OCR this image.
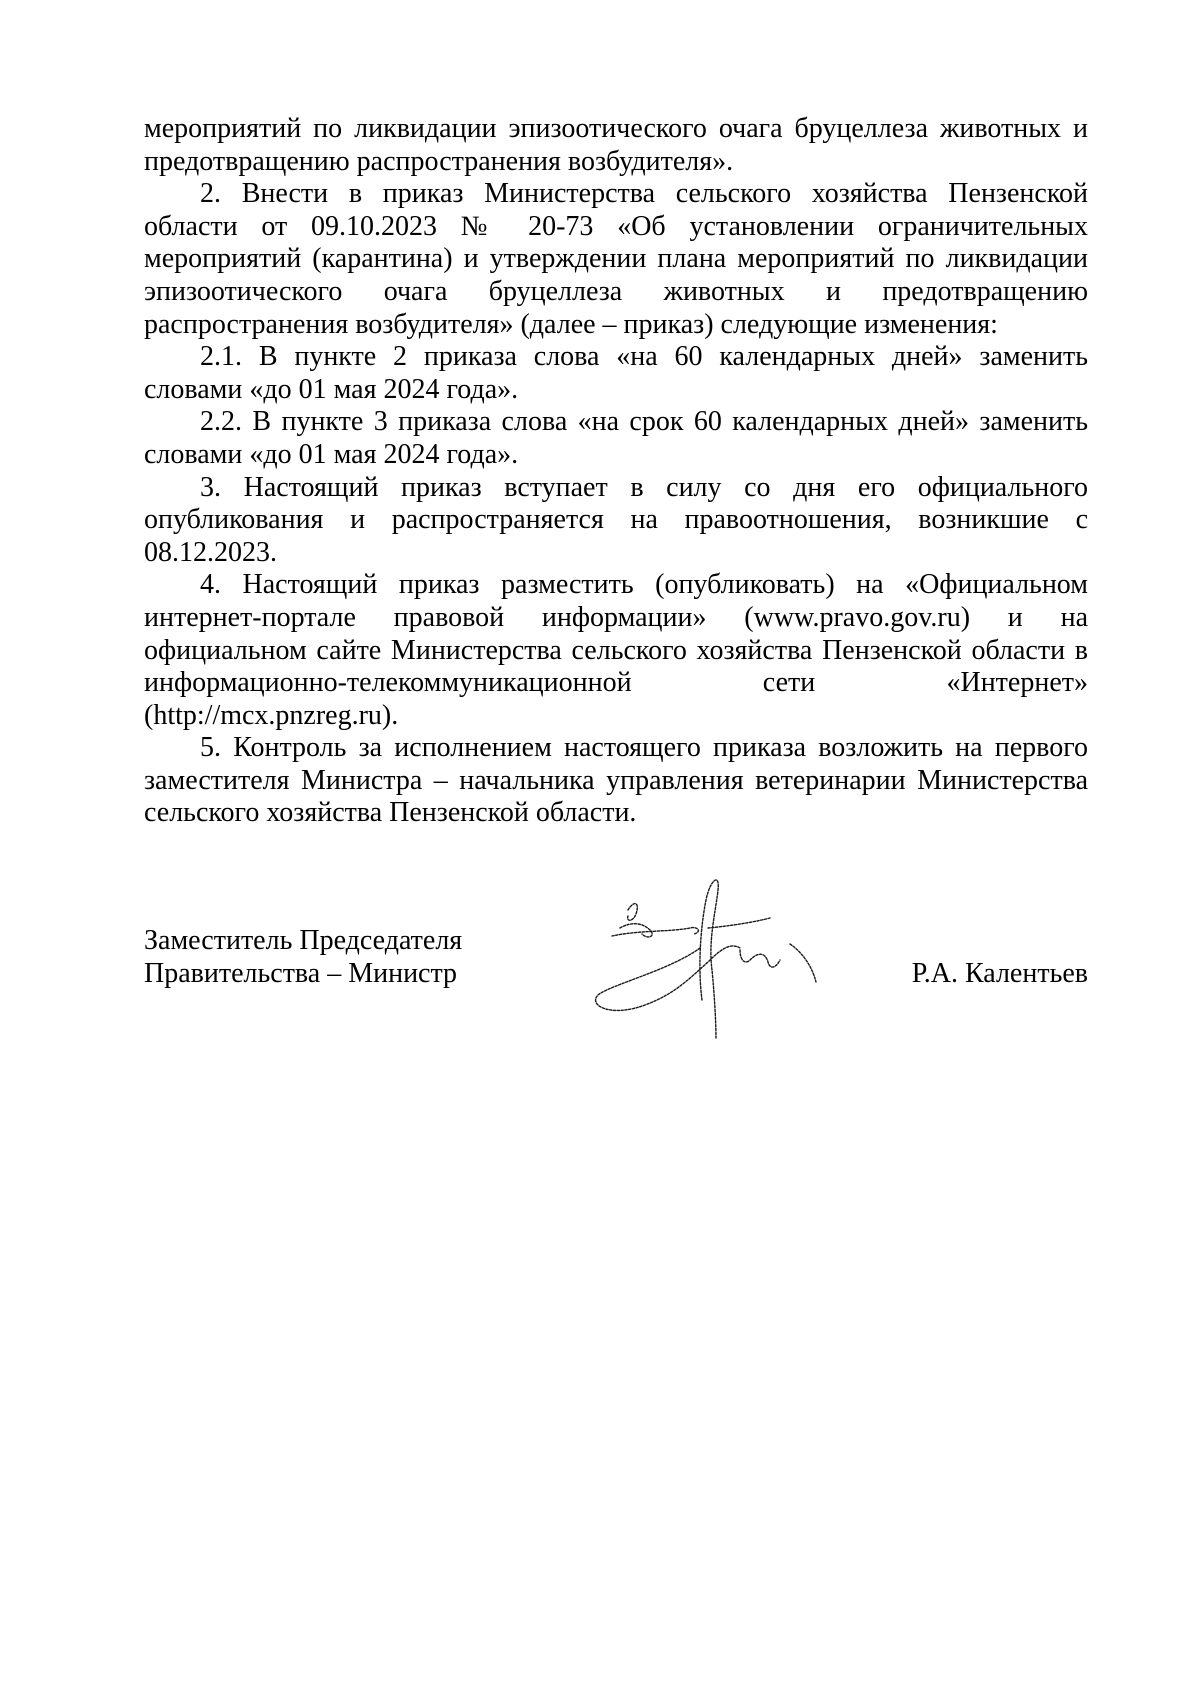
мероприятий по ликвидации эпизоотического очага бруцеллеза животных и предотвращению распространения возбудителя».

2. Внести в приказ Министерства сельского хозяйства Пензенской области от 09.10.2023 № 20-73 «Об установлении ограничительных мероприятий (карантина) и утверждении плана мероприятий по ликвидации эпизоотического очага бруцеллеза животных и предотвращению распространения возбудителя» (далее – приказ) следующие изменения:

2.1. В пункте 2 приказа слова «на 60 календарных дней» заменить словами «до 01 мая 2024 года».

2.2. В пункте 3 приказа слова «на срок 60 календарных дней» заменить словами «до 01 мая 2024 года».

3. Настоящий приказ вступает в силу со дня его официального опубликования и распространяется на правоотношения, возникшие с 08.12.2023.

4. Настоящий приказ разместить (опубликовать) на «Официальном интернет-портале правовой информации» (www.pravo.gov.ru) и на официальном сайте Министерства сельского хозяйства Пензенской области в информационно-телекоммуникационной сети «Интернет» (http://mcx.pnzreg.ru).

5. Контроль за исполнением настоящего приказа возложить на первого заместителя Министра – начальника управления ветеринарии Министерства сельского хозяйства Пензенской области.

Заместитель Председателя
Правительства – Министр	Р.А. Калентьев
